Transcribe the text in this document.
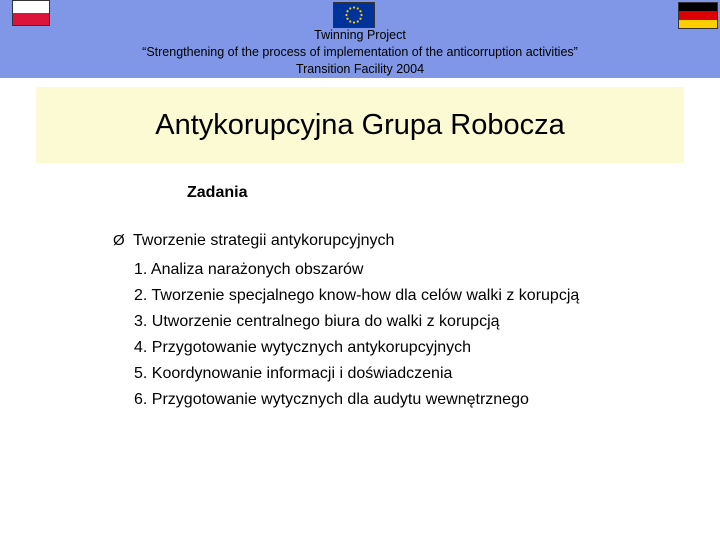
Twinning Project
“Strengthening of the process of implementation of the anticorruption activities”
Transition Facility 2004
Antykorupcyjna Grupa Robocza
Zadania
Ø Tworzenie strategii antykorupcyjnych
1. Analiza narażonych obszarów
2. Tworzenie specjalnego know-how dla celów walki z korupcją
3. Utworzenie centralnego biura do walki z korupcją
4. Przygotowanie wytycznych antykorupcyjnych
5. Koordynowanie informacji i doświadczenia
6. Przygotowanie wytycznych dla audytu wewnętrznego
